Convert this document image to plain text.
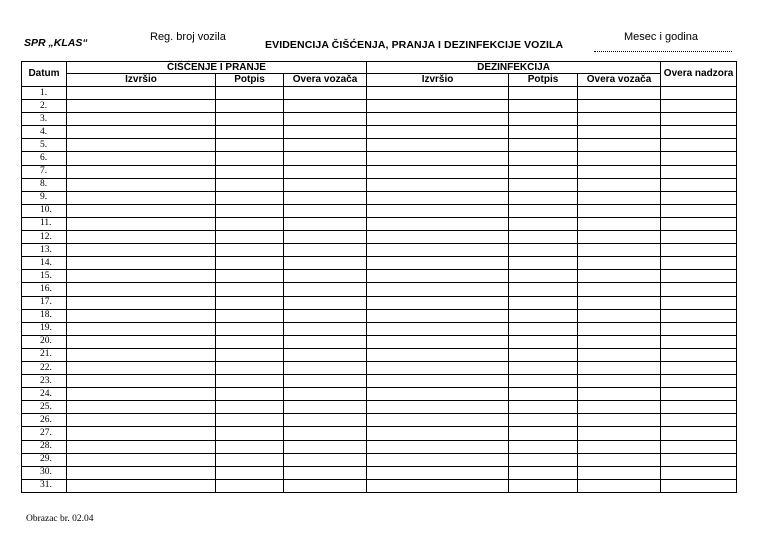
SPR „KLAS“	Reg. broj vozila
EVIDENCIJA ČIŠĆENJA, PRANJA I DEZINFEKCIJE VOZILA
Mesec i godina
Datum	ČIŠĆENJE I PRANJE			DEZINFEKCIJA			Overa nadzora
	Izvršio	Potpis	Overa vozača	Izvršio	Potpis	Overa vozača	
1.							
2.							
3.							
4.							
5.							
6.							
7.							
8.							
9.							
10.							
11.							
12.							
13.							
14.							
15.							
16.							
17.							
18.							
19.							
20.							
21.							
22.							
23.							
24.							
25.							
26.							
27.							
28.							
29.							
30.							
31.							
Obrazac br. 02.04
